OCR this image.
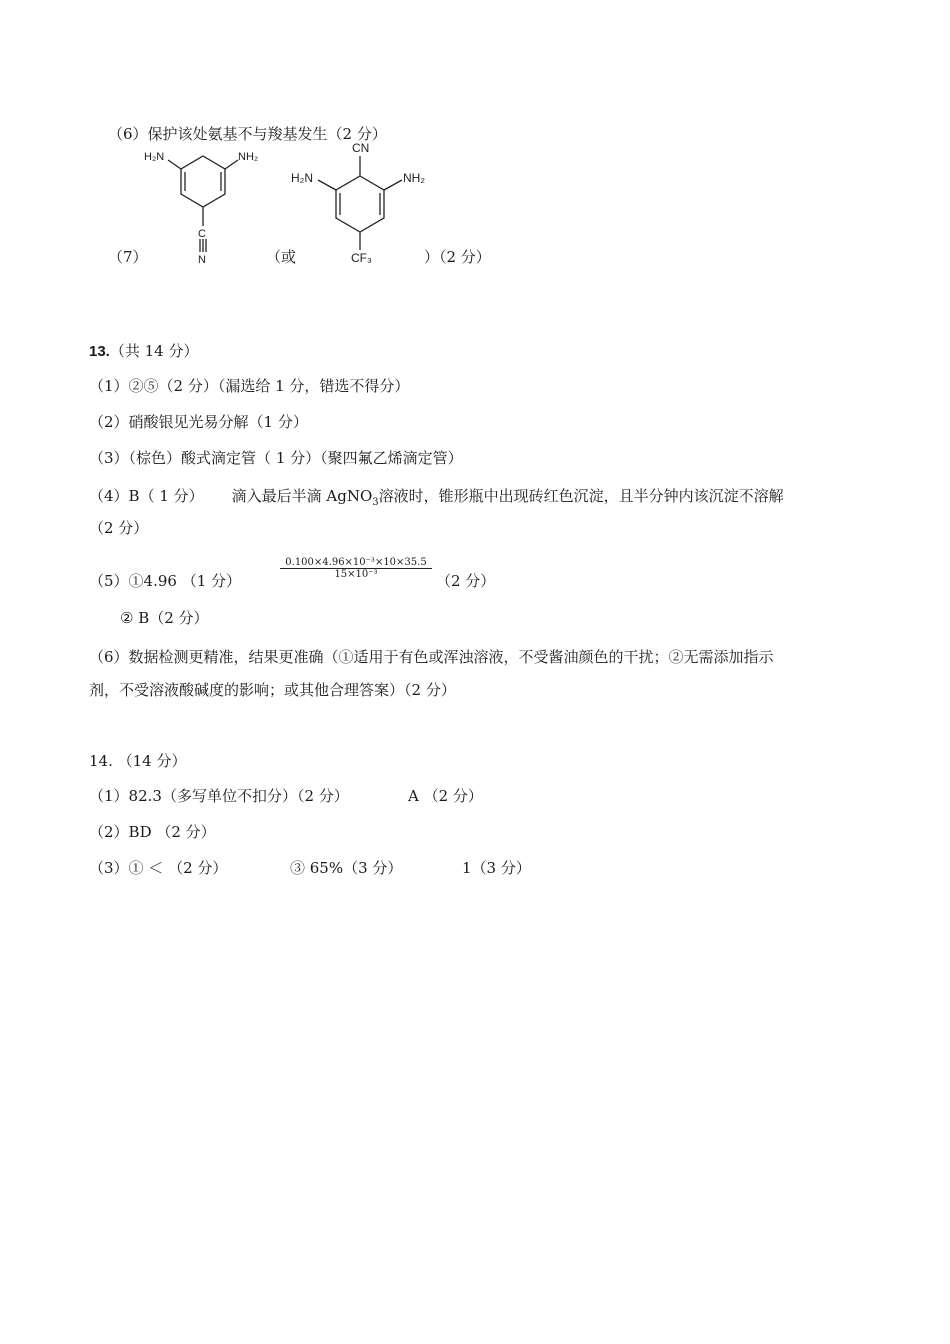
（6）保护该处氨基不与羧基发生（2 分）
H₂N	NH₂
C
N
CN
H₂N	NH₂
CF₃
（7）	（或	）（2 分）
13.（共 14 分）
（1）②⑤（2 分）（漏选给 1 分，错选不得分）
（2）硝酸银见光易分解（1 分）
（3）（棕色）酸式滴定管（ 1 分）（聚四氟乙烯滴定管）
（4）B（ 1 分） 滴入最后半滴 AgNO$_3$溶液时，锥形瓶中出现砖红色沉淀，且半分钟内该沉淀不溶解
（2 分）
（5）①4.96 （1 分）
$\frac{\text{0.100×4.96×10⁻³×10×35.5}}{\text{15×10⁻³}}$
（2 分）
② B（2 分）
（6）数据检测更精准，结果更准确（①适用于有色或浑浊溶液，不受酱油颜色的干扰；②无需添加指示
剂，不受溶液酸碱度的影响；或其他合理答案）（2 分）
14. （14 分）
（1）82.3（多写单位不扣分）（2 分）	A （2 分）
（2）BD （2 分）
（3）① ＜ （2 分）	③ 65%（3 分）	1（3 分）
